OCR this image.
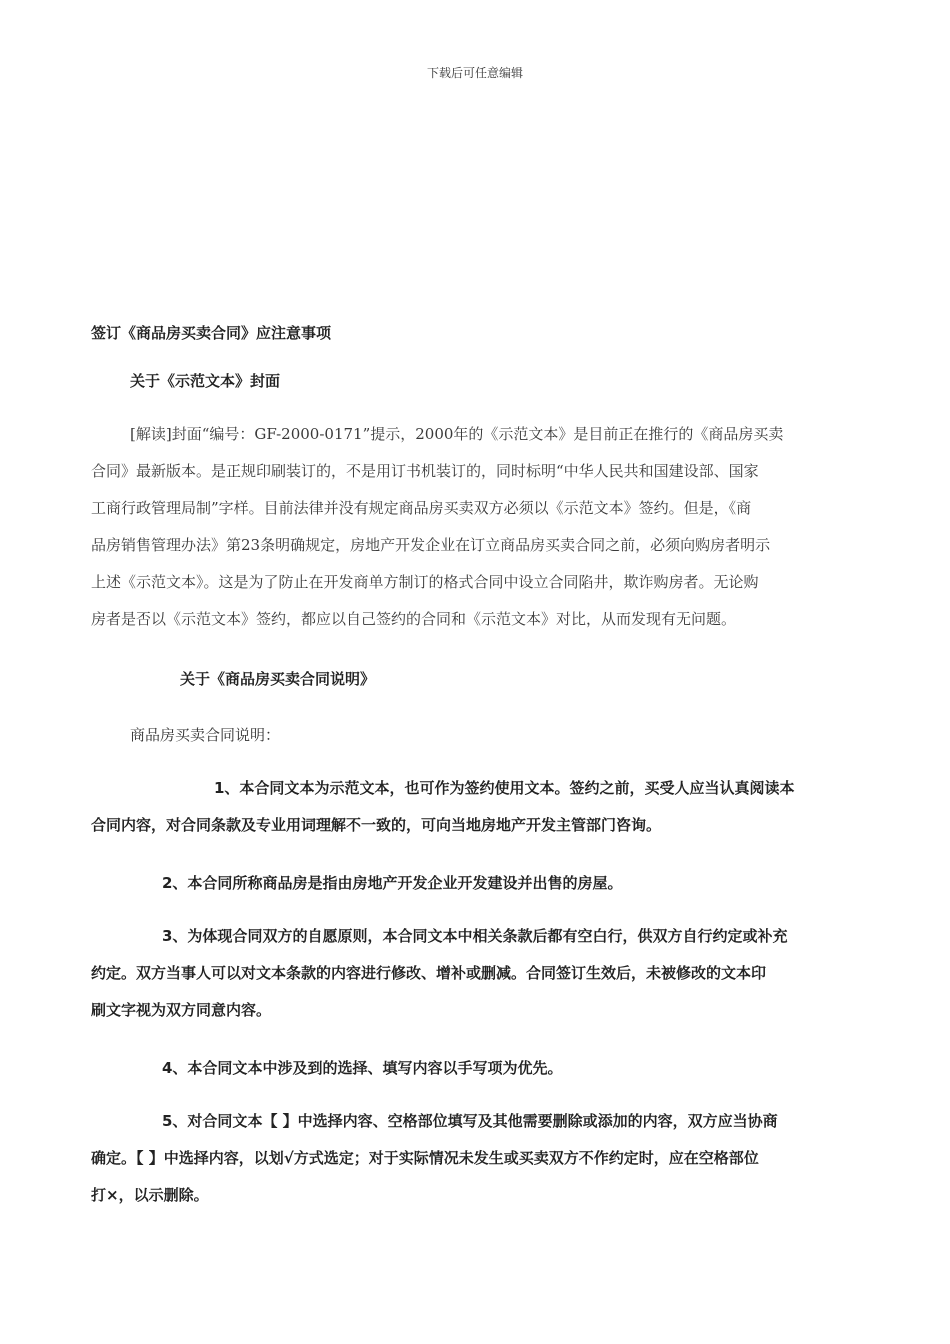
下载后可任意编辑
签订《商品房买卖合同》应注意事项
关于《示范文本》封面
[解读]封面“编号：GF-2000-0171”提示，2000年的《示范文本》是目前正在推行的《商品房买卖
合同》最新版本。是正规印刷装订的，不是用订书机装订的，同时标明“中华人民共和国建设部、国家
工商行政管理局制”字样。目前法律并没有规定商品房买卖双方必须以《示范文本》签约。但是，《商
品房销售管理办法》第23条明确规定，房地产开发企业在订立商品房买卖合同之前，必须向购房者明示
上述《示范文本》。这是为了防止在开发商单方制订的格式合同中设立合同陷井，欺诈购房者。无论购
房者是否以《示范文本》签约，都应以自己签约的合同和《示范文本》对比，从而发现有无问题。
关于《商品房买卖合同说明》
商品房买卖合同说明：
1、本合同文本为示范文本，也可作为签约使用文本。签约之前，买受人应当认真阅读本
合同内容，对合同条款及专业用词理解不一致的，可向当地房地产开发主管部门咨询。
2、本合同所称商品房是指由房地产开发企业开发建设并出售的房屋。
3、为体现合同双方的自愿原则，本合同文本中相关条款后都有空白行，供双方自行约定或补充
约定。双方当事人可以对文本条款的内容进行修改、增补或删减。合同签订生效后，未被修改的文本印
刷文字视为双方同意内容。
4、本合同文本中涉及到的选择、填写内容以手写项为优先。
5、对合同文本【 】中选择内容、空格部位填写及其他需要删除或添加的内容，双方应当协商
确定。【 】中选择内容，以划√方式选定；对于实际情况未发生或买卖双方不作约定时，应在空格部位
打×，以示删除。
